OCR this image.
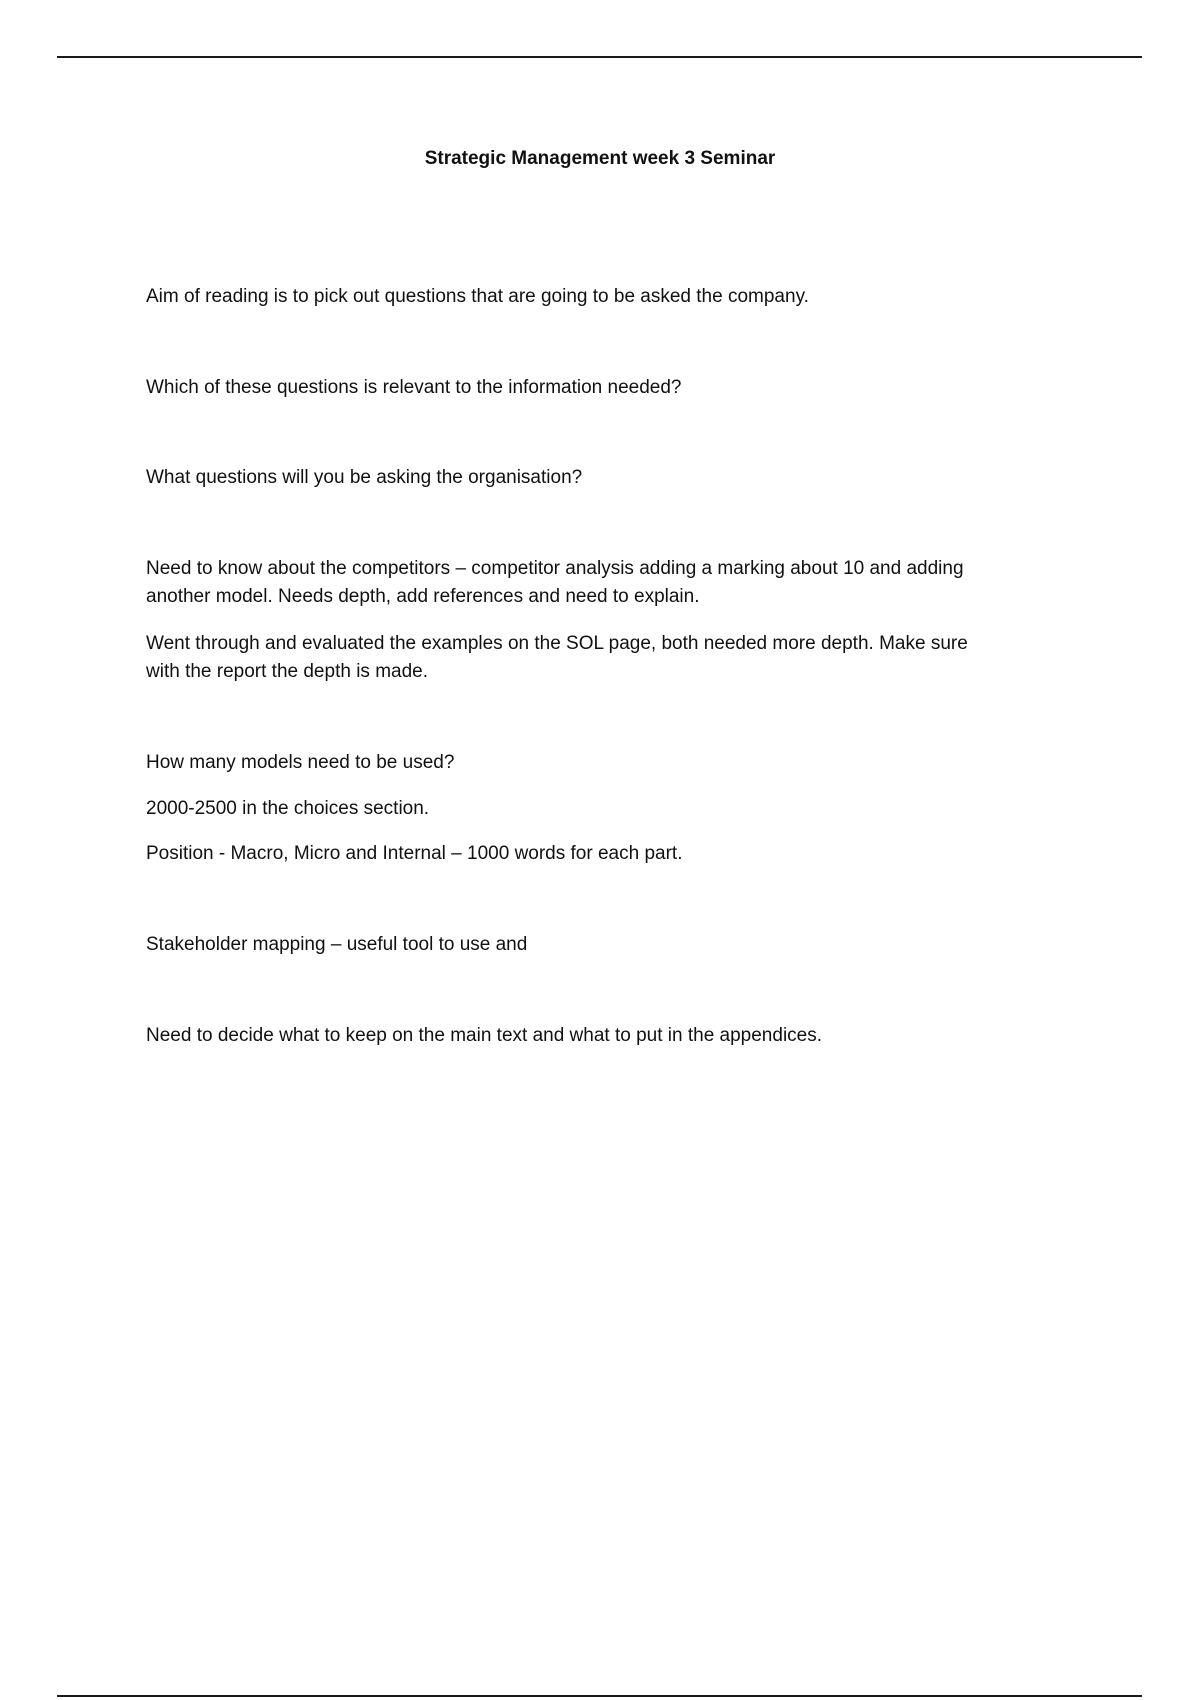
Strategic Management week 3 Seminar
Aim of reading is to pick out questions that are going to be asked the company.
Which of these questions is relevant to the information needed?
What questions will you be asking the organisation?
Need to know about the competitors – competitor analysis adding a marking about 10 and adding
another model. Needs depth, add references and need to explain.
Went through and evaluated the examples on the SOL page, both needed more depth. Make sure
with the report the depth is made.
How many models need to be used?
2000-2500 in the choices section.
Position - Macro, Micro and Internal – 1000 words for each part.
Stakeholder mapping – useful tool to use and
Need to decide what to keep on the main text and what to put in the appendices.
